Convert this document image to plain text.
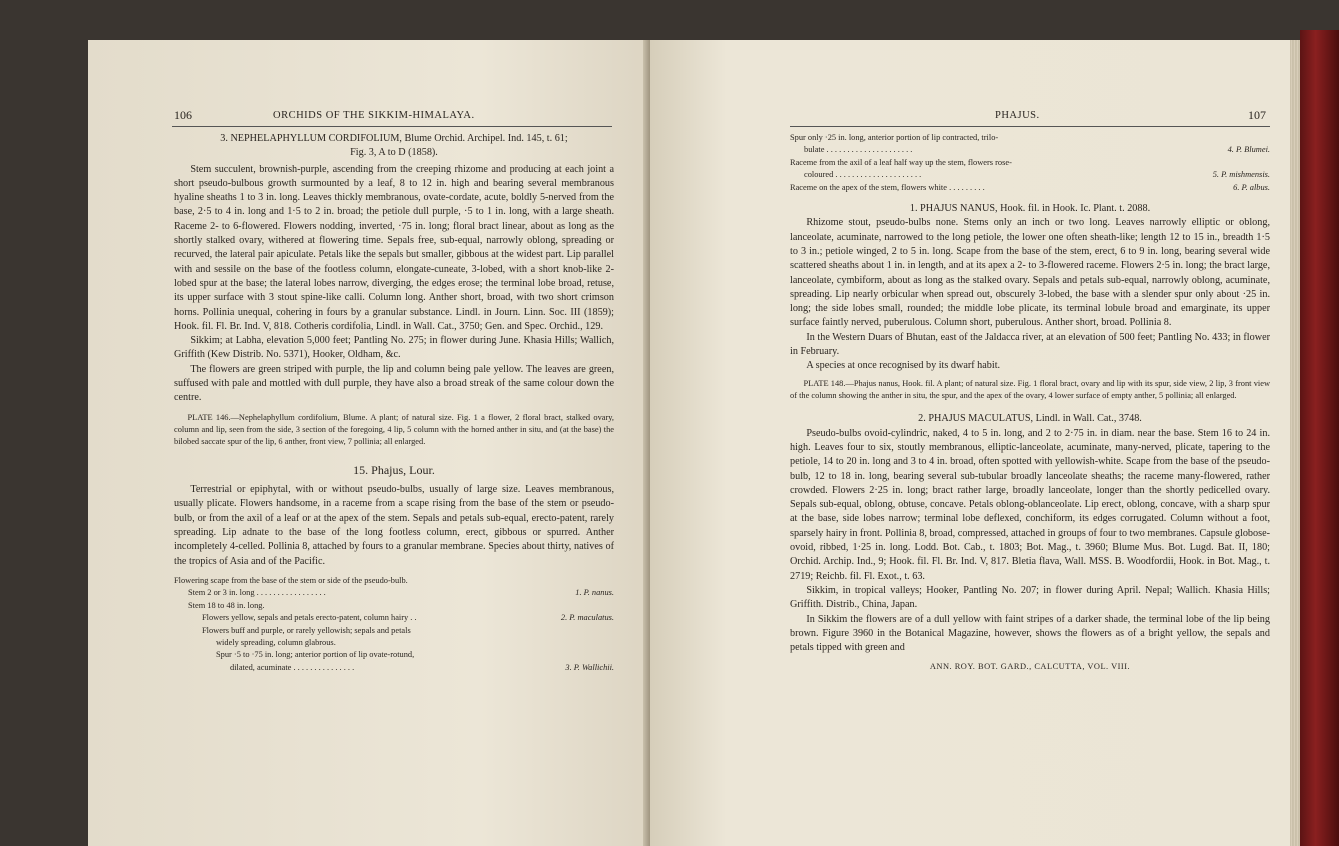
106	ORCHIDS OF THE SIKKIM-HIMALAYA.

3. NEPHELAPHYLLUM CORDIFOLIUM, Blume Orchid. Archipel. Ind. 145, t. 61;

Fig. 3, A to D (1858).

Stem succulent, brownish-purple, ascending from the creeping rhizome and producing at each joint a short pseudo-bulbous growth surmounted by a leaf, 8 to 12 in. high and bearing several membranous hyaline sheaths 1 to 3 in. long. Leaves thickly membranous, ovate-cordate, acute, boldly 5-nerved from the base, 2·5 to 4 in. long and 1·5 to 2 in. broad; the petiole dull purple, ·5 to 1 in. long, with a large sheath. Raceme 2- to 6-flowered. Flowers nodding, inverted, ·75 in. long; floral bract linear, about as long as the shortly stalked ovary, withered at flowering time. Sepals free, sub-equal, narrowly oblong, spreading or recurved, the lateral pair apiculate. Petals like the sepals but smaller, gibbous at the widest part. Lip parallel with and sessile on the base of the footless column, elongate-cuneate, 3-lobed, with a short knob-like 2-lobed spur at the base; the lateral lobes narrow, diverging, the edges erose; the terminal lobe broad, retuse, its upper surface with 3 stout spine-like calli. Column long. Anther short, broad, with two short crimson horns. Pollinia unequal, cohering in fours by a granular substance. Lindl. in Journ. Linn. Soc. III (1859); Hook. fil. Fl. Br. Ind. V, 818. Cotheris cordifolia, Lindl. in Wall. Cat., 3750; Gen. and Spec. Orchid., 129.

Sikkim; at Labha, elevation 5,000 feet; Pantling No. 275; in flower during June. Khasia Hills; Wallich, Griffith (Kew Distrib. No. 5371), Hooker, Oldham, &c.

The flowers are green striped with purple, the lip and column being pale yellow. The leaves are green, suffused with pale and mottled with dull purple, they have also a broad streak of the same colour down the centre.

PLATE 146.—Nephelaphyllum cordifolium, Blume. A plant; of natural size. Fig. 1 a flower, 2 floral bract, stalked ovary, column and lip, seen from the side, 3 section of the foregoing, 4 lip, 5 column with the horned anther in situ, and (at the base) the bilobed saccate spur of the lip, 6 anther, front view, 7 pollinia; all enlarged.

15. Phajus, Lour.

Terrestrial or epiphytal, with or without pseudo-bulbs, usually of large size. Leaves membranous, usually plicate. Flowers handsome, in a raceme from a scape rising from the base of the stem or pseudo-bulb, or from the axil of a leaf or at the apex of the stem. Sepals and petals sub-equal, erecto-patent, rarely spreading. Lip adnate to the base of the long footless column, erect, gibbous or spurred. Anther incompletely 4-celled. Pollinia 8, attached by fours to a granular membrane. Species about thirty, natives of the tropics of Asia and of the Pacific.

Flowering scape from the base of the stem or side of the pseudo-bulb.
Stem 2 or 3 in. long . . . . . . . . . . . . . . . . .	1. P. nanus.
Stem 18 to 48 in. long.
Flowers yellow, sepals and petals erecto-patent, column hairy . .	2. P. maculatus.
Flowers buff and purple, or rarely yellowish; sepals and petals
widely spreading, column glabrous.
Spur ·5 to ·75 in. long; anterior portion of lip ovate-rotund,
dilated, acuminate . . . . . . . . . . . . . . .	3. P. Wallichii.
PHAJUS.	107
Spur only ·25 in. long, anterior portion of lip contracted, trilo-
bulate . . . . . . . . . . . . . . . . . . . . .	4. P. Blumei.
Raceme from the axil of a leaf half way up the stem, flowers rose-
coloured . . . . . . . . . . . . . . . . . . . . .	5. P. mishmensis.
Raceme on the apex of the stem, flowers white . . . . . . . . .	6. P. albus.

1. PHAJUS NANUS, Hook. fil. in Hook. Ic. Plant. t. 2088.

Rhizome stout, pseudo-bulbs none. Stems only an inch or two long. Leaves narrowly elliptic or oblong, lanceolate, acuminate, narrowed to the long petiole, the lower one often sheath-like; length 12 to 15 in., breadth 1·5 to 3 in.; petiole winged, 2 to 5 in. long. Scape from the base of the stem, erect, 6 to 9 in. long, bearing several wide scattered sheaths about 1 in. in length, and at its apex a 2- to 3-flowered raceme. Flowers 2·5 in. long; the bract large, lanceolate, cymbiform, about as long as the stalked ovary. Sepals and petals sub-equal, narrowly oblong, acuminate, spreading. Lip nearly orbicular when spread out, obscurely 3-lobed, the base with a slender spur only about ·25 in. long; the side lobes small, rounded; the middle lobe plicate, its terminal lobule broad and emarginate, its upper surface faintly nerved, puberulous. Column short, puberulous. Anther short, broad. Pollinia 8.

In the Western Duars of Bhutan, east of the Jaldacca river, at an elevation of 500 feet; Pantling No. 433; in flower in February.

A species at once recognised by its dwarf habit.

PLATE 148.—Phajus nanus, Hook. fil. A plant; of natural size. Fig. 1 floral bract, ovary and lip with its spur, side view, 2 lip, 3 front view of the column showing the anther in situ, the spur, and the apex of the ovary, 4 lower surface of empty anther, 5 pollinia; all enlarged.

2. PHAJUS MACULATUS, Lindl. in Wall. Cat., 3748.

Pseudo-bulbs ovoid-cylindric, naked, 4 to 5 in. long, and 2 to 2·75 in. in diam. near the base. Stem 16 to 24 in. high. Leaves four to six, stoutly membranous, elliptic-lanceolate, acuminate, many-nerved, plicate, tapering to the petiole, 14 to 20 in. long and 3 to 4 in. broad, often spotted with yellowish-white. Scape from the base of the pseudo-bulb, 12 to 18 in. long, bearing several sub-tubular broadly lanceolate sheaths; the raceme many-flowered, rather crowded. Flowers 2·25 in. long; bract rather large, broadly lanceolate, longer than the shortly pedicelled ovary. Sepals sub-equal, oblong, obtuse, concave. Petals oblong-oblanceolate. Lip erect, oblong, concave, with a sharp spur at the base, side lobes narrow; terminal lobe deflexed, conchiform, its edges corrugated. Column without a foot, sparsely hairy in front. Pollinia 8, broad, compressed, attached in groups of four to two membranes. Capsule globose-ovoid, ribbed, 1·25 in. long. Lodd. Bot. Cab., t. 1803; Bot. Mag., t. 3960; Blume Mus. Bot. Lugd. Bat. II, 180; Orchid. Archip. Ind., 9; Hook. fil. Fl. Br. Ind. V, 817. Bletia flava, Wall. MSS. B. Woodfordii, Hook. in Bot. Mag., t. 2719; Reichb. fil. Fl. Exot., t. 63.

Sikkim, in tropical valleys; Hooker, Pantling No. 207; in flower during April. Nepal; Wallich. Khasia Hills; Griffith. Distrib., China, Japan.

In Sikkim the flowers are of a dull yellow with faint stripes of a darker shade, the terminal lobe of the lip being brown. Figure 3960 in the Botanical Magazine, however, shows the flowers as of a bright yellow, the sepals and petals tipped with green and

ANN. ROY. BOT. GARD., CALCUTTA, VOL. VIII.
